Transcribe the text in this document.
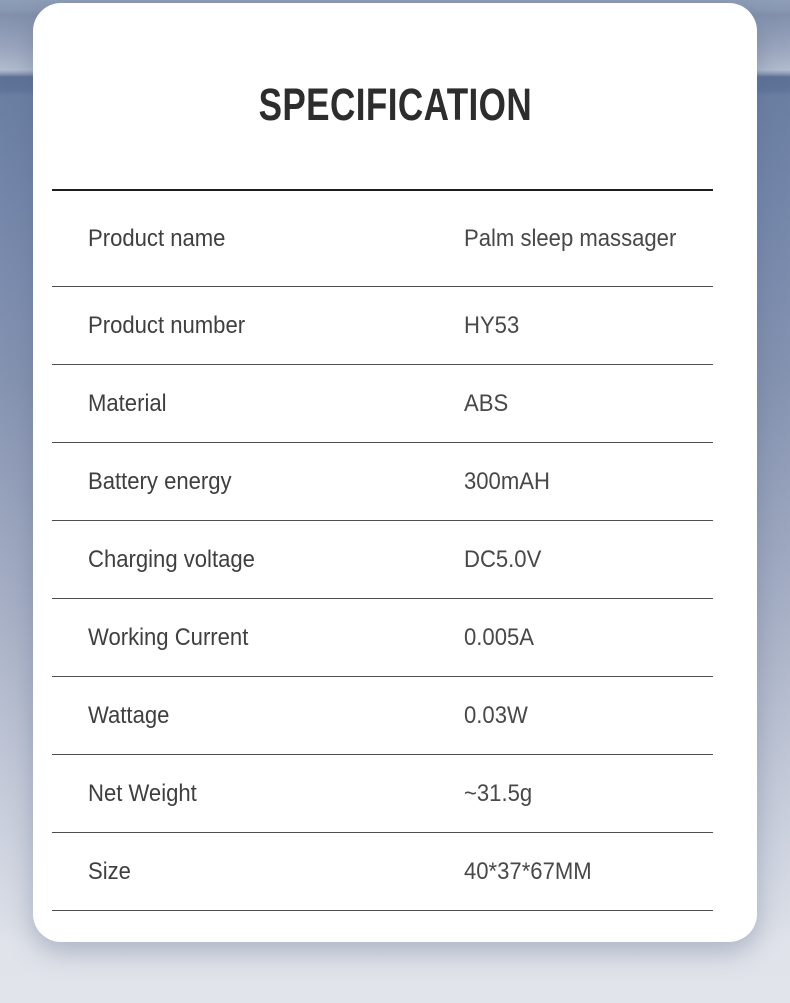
SPECIFICATION
Product name	Palm sleep massager
Product number	HY53
Material	ABS
Battery energy	300mAH
Charging voltage	DC5.0V
Working Current	0.005A
Wattage	0.03W
Net Weight	~31.5g
Size	40*37*67MM
